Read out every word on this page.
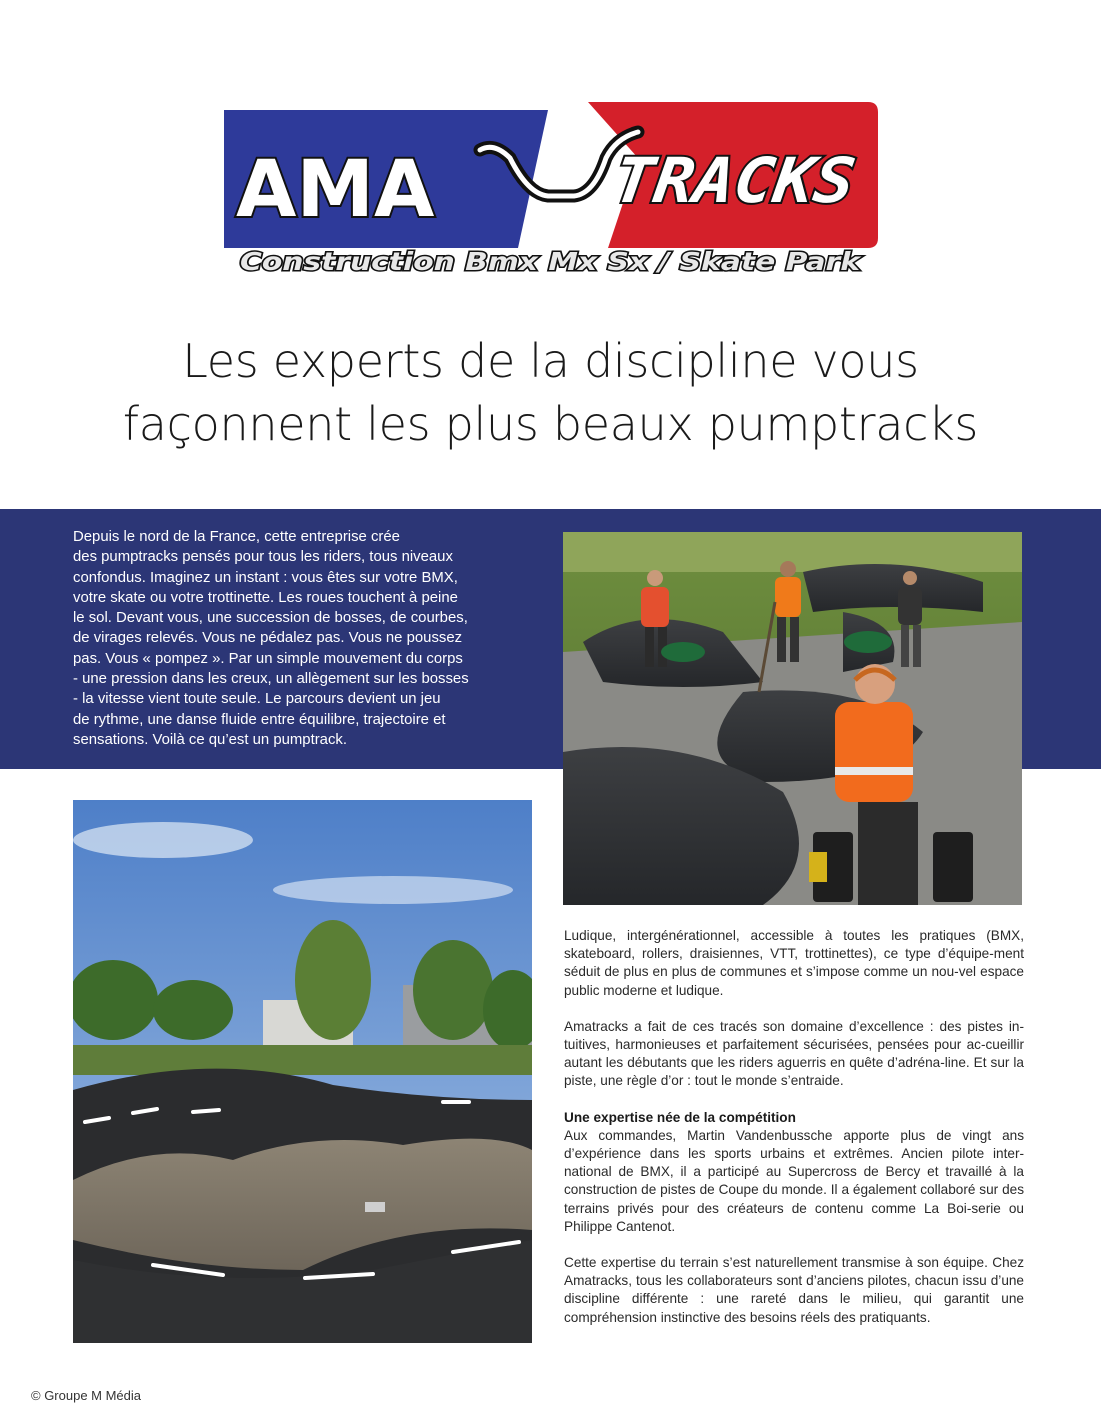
AMA	TRACKS
Construction Bmx Mx Sx / Skate Park
Les experts de la discipline vous
façonnent les plus beaux pumptracks

Depuis le nord de la France, cette entreprise crée
des pumptracks pensés pour tous les riders, tous niveaux
confondus. Imaginez un instant : vous êtes sur votre BMX,
votre skate ou votre trottinette. Les roues touchent à peine
le sol. Devant vous, une succession de bosses, de courbes,
de virages relevés. Vous ne pédalez pas. Vous ne poussez
pas. Vous « pompez ». Par un simple mouvement du corps
- une pression dans les creux, un allègement sur les bosses
- la vitesse vient toute seule. Le parcours devient un jeu
de rythme, une danse fluide entre équilibre, trajectoire et
sensations. Voilà ce qu’est un pumptrack.

Ludique, intergénérationnel, accessible à toutes les pratiques (BMX, skateboard, rollers, draisiennes, VTT, trottinettes), ce type d’équipe-ment séduit de plus en plus de communes et s’impose comme un nou-vel espace public moderne et ludique.

Amatracks a fait de ces tracés son domaine d’excellence : des pistes in-tuitives, harmonieuses et parfaitement sécurisées, pensées pour ac-cueillir autant les débutants que les riders aguerris en quête d’adréna-line. Et sur la piste, une règle d’or : tout le monde s’entraide.

Une expertise née de la compétition

Aux commandes, Martin Vandenbussche apporte plus de vingt ans d’expérience dans les sports urbains et extrêmes. Ancien pilote inter-national de BMX, il a participé au Supercross de Bercy et travaillé à la construction de pistes de Coupe du monde. Il a également collaboré sur des terrains privés pour des créateurs de contenu comme La Boi-serie ou Philippe Cantenot.

Cette expertise du terrain s’est naturellement transmise à son équipe. Chez Amatracks, tous les collaborateurs sont d’anciens pilotes, chacun issu d’une discipline différente : une rareté dans le milieu, qui garantit une compréhension instinctive des besoins réels des pratiquants.

© Groupe M Média
